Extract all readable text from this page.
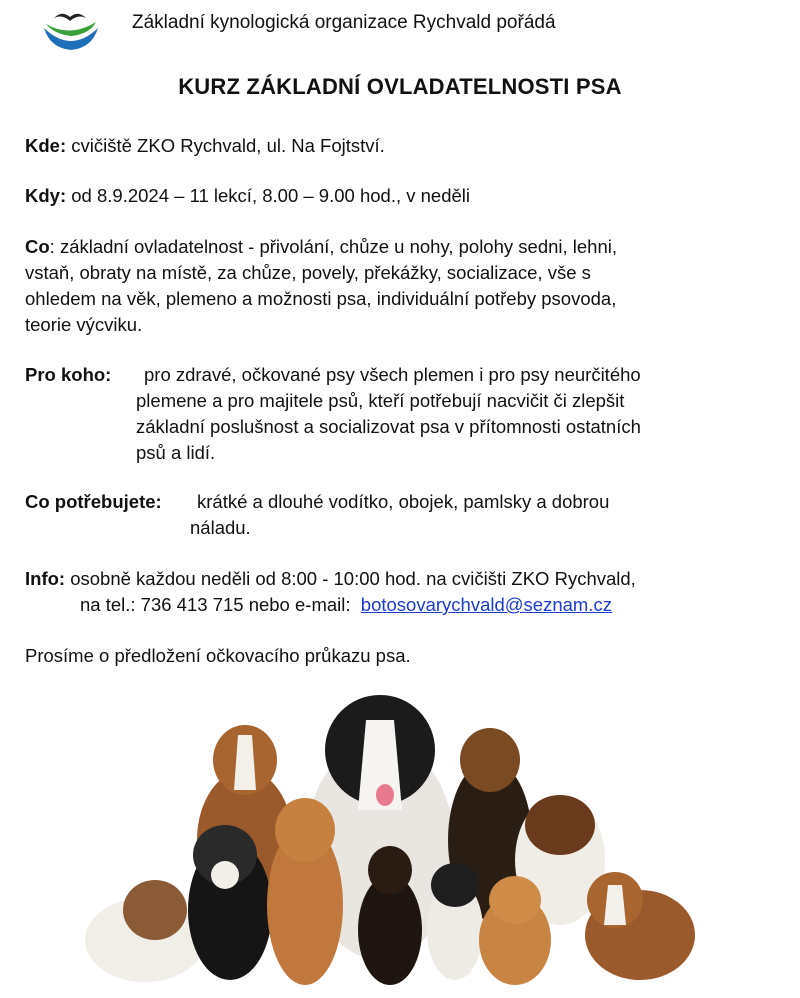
Základní kynologická organizace Rychvald pořádá
KURZ ZÁKLADNÍ OVLADATELNOSTI PSA
Kde: cvičiště ZKO Rychvald, ul. Na Fojtství.
Kdy: od 8.9.2024 – 11 lekcí, 8.00 – 9.00 hod., v neděli
Co: základní ovladatelnost - přivolání, chůze u nohy, polohy sedni, lehni,
vstaň, obraty na místě, za chůze, povely, překážky, socializace, vše s
ohledem na věk, plemeno a možnosti psa, individuální potřeby psovoda,
teorie výcviku.
Pro koho:	pro zdravé, očkované psy všech plemen i pro psy neurčitého
plemene a pro majitele psů, kteří potřebují nacvičit či zlepšit
základní poslušnost a socializovat psa v přítomnosti ostatních
psů a lidí.
Co potřebujete:	krátké a dlouhé vodítko, obojek, pamlsky a dobrou
náladu.
Info: osobně každou neděli od 8:00 - 10:00 hod. na cvičišti ZKO Rychvald,
na tel.: 736 413 715 nebo e-mail: botosovarychvald@seznam.cz
Prosíme o předložení očkovacího průkazu psa.
